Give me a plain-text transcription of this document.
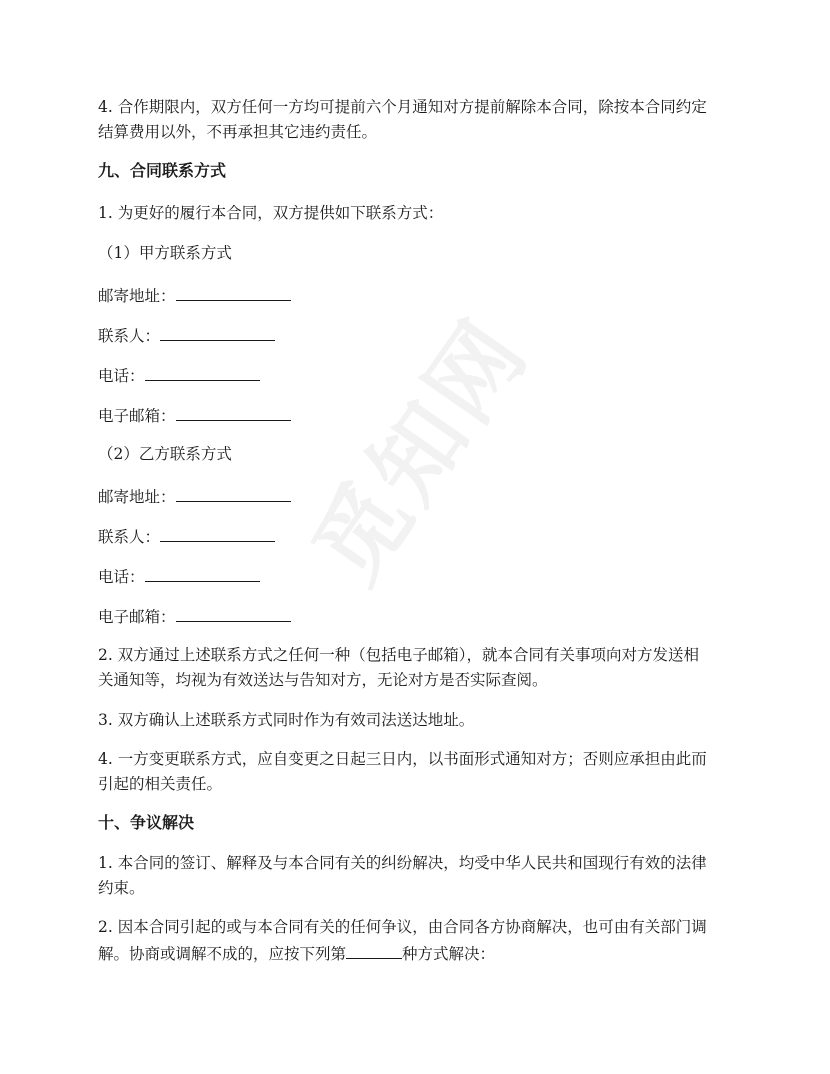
觅知网
4. 合作期限内，双方任何一方均可提前六个月通知对方提前解除本合同，除按本合同约定
结算费用以外，不再承担其它违约责任。
九、合同联系方式
1. 为更好的履行本合同，双方提供如下联系方式：
（1）甲方联系方式
邮寄地址：
联系人：
电话：
电子邮箱：
（2）乙方联系方式
邮寄地址：
联系人：
电话：
电子邮箱：
2. 双方通过上述联系方式之任何一种（包括电子邮箱），就本合同有关事项向对方发送相
关通知等，均视为有效送达与告知对方，无论对方是否实际查阅。
3. 双方确认上述联系方式同时作为有效司法送达地址。
4. 一方变更联系方式，应自变更之日起三日内，以书面形式通知对方；否则应承担由此而
引起的相关责任。
十、争议解决
1. 本合同的签订、解释及与本合同有关的纠纷解决，均受中华人民共和国现行有效的法律
约束。
2. 因本合同引起的或与本合同有关的任何争议，由合同各方协商解决，也可由有关部门调
解。协商或调解不成的，应按下列第	种方式解决：
